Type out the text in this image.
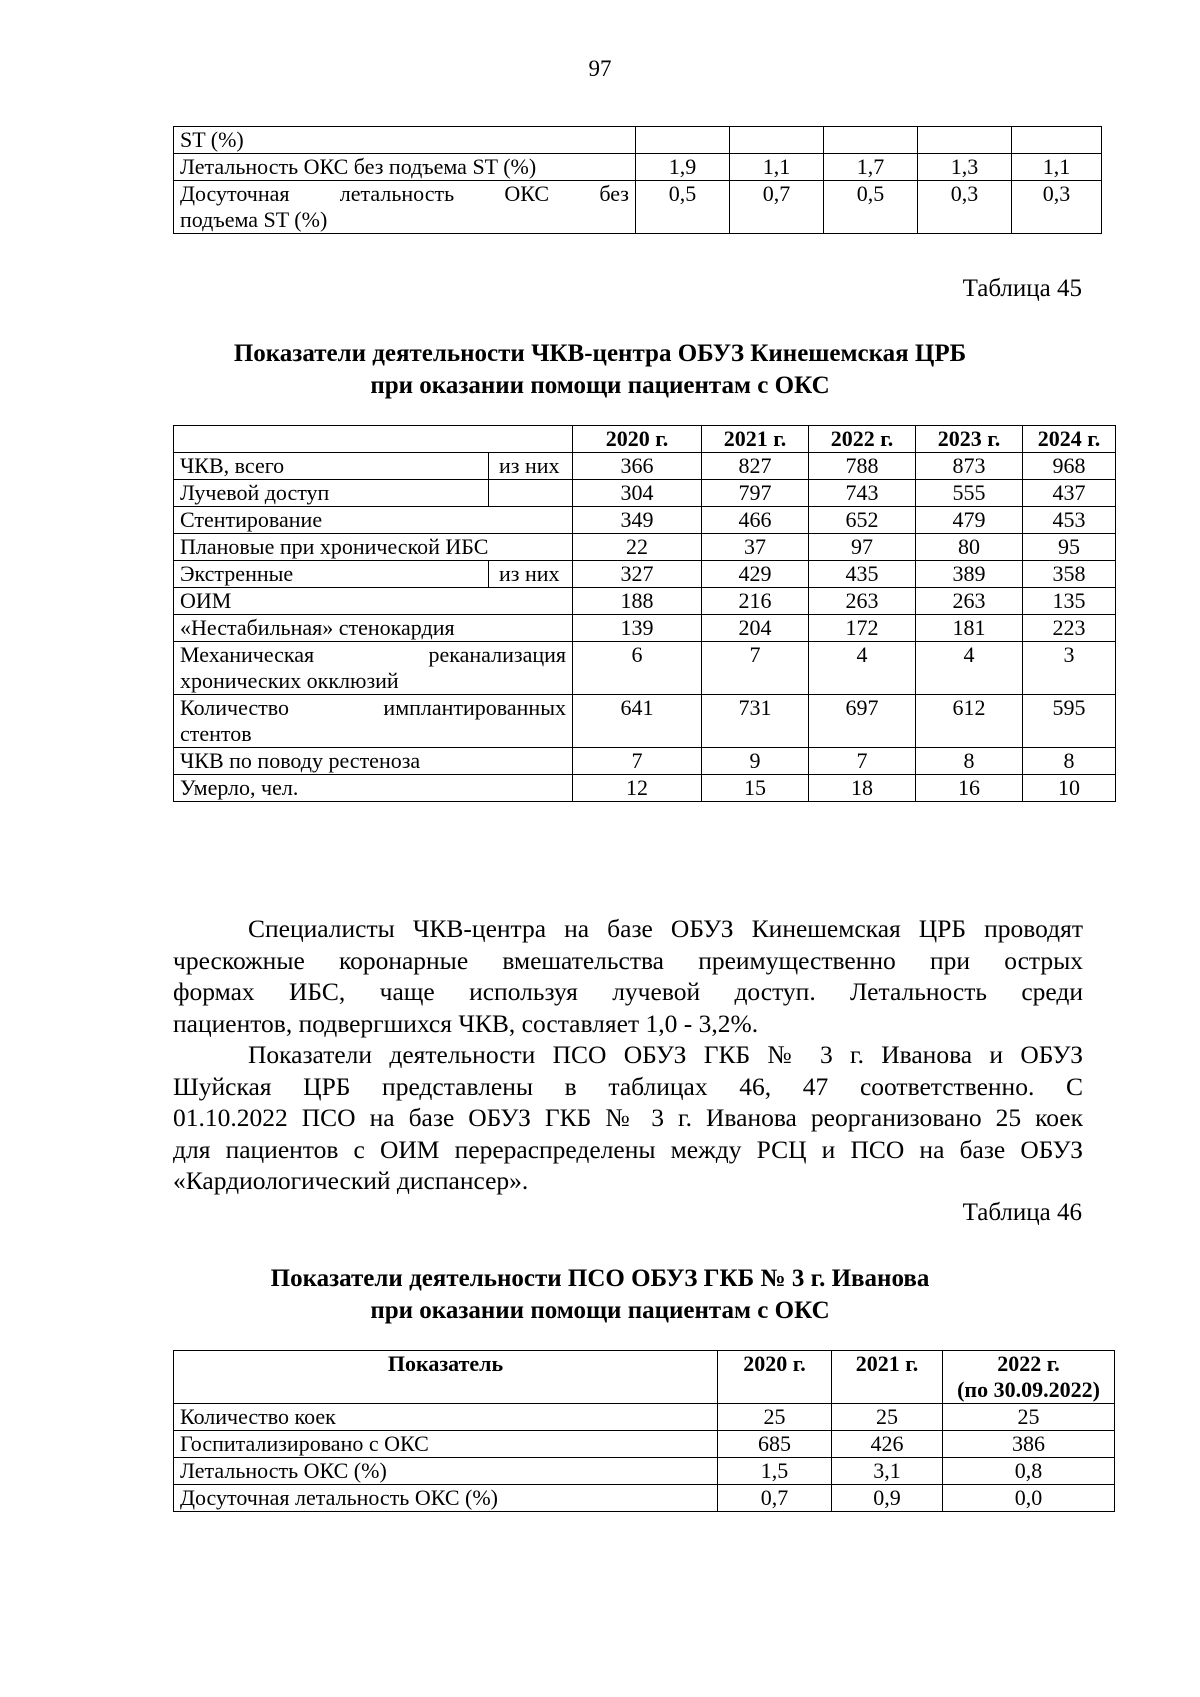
97
ST (%)					
Летальность ОКС без подъема ST (%)	1,9	1,1	1,7	1,3	1,1

Досуточная летальность ОКС без
подъема ST (%)	0,5	0,7	0,5	0,3	0,3
Таблица 45
Показатели деятельности ЧКВ-центра ОБУЗ Кинешемская ЦРБ
при оказании помощи пациентам с ОКС
		2020 г.	2021 г.	2022 г.	2023 г.	2024 г.
ЧКВ, всего	из них	366	827	788	873	968
Лучевой доступ		304	797	743	555	437
Стентирование		349	466	652	479	453
Плановые при хронической ИБС		22	37	97	80	95
Экстренные	из них	327	429	435	389	358
ОИМ		188	216	263	263	135
«Нестабильная» стенокардия		139	204	172	181	223

Механическая реканализация
хронических окклюзий		6	7	4	4	3

Количество имплантированных
стентов		641	731	697	612	595
ЧКВ по поводу рестеноза		7	9	7	8	8
Умерло, чел.		12	15	18	16	10

Специалисты ЧКВ-центра на базе ОБУЗ Кинешемская ЦРБ проводят
чрескожные коронарные вмешательства преимущественно при острых
формах ИБС, чаще используя лучевой доступ. Летальность среди
пациентов, подвергшихся ЧКВ, составляет 1,0 - 3,2%.

Показатели деятельности ПСО ОБУЗ ГКБ № 3 г. Иванова и ОБУЗ
Шуйская ЦРБ представлены в таблицах 46, 47 соответственно. С
01.10.2022 ПСО на базе ОБУЗ ГКБ № 3 г. Иванова реорганизовано 25 коек
для пациентов с ОИМ перераспределены между РСЦ и ПСО на базе ОБУЗ
«Кардиологический диспансер».

Таблица 46
Показатели деятельности ПСО ОБУЗ ГКБ № 3 г. Иванова
при оказании помощи пациентам с ОКС
Показатель	2020 г.	2021 г.	2022 г.
(по 30.09.2022)

Количество коек	25	25	25
Госпитализировано с ОКС	685	426	386
Летальность ОКС (%)	1,5	3,1	0,8
Досуточная летальность ОКС (%)	0,7	0,9	0,0
